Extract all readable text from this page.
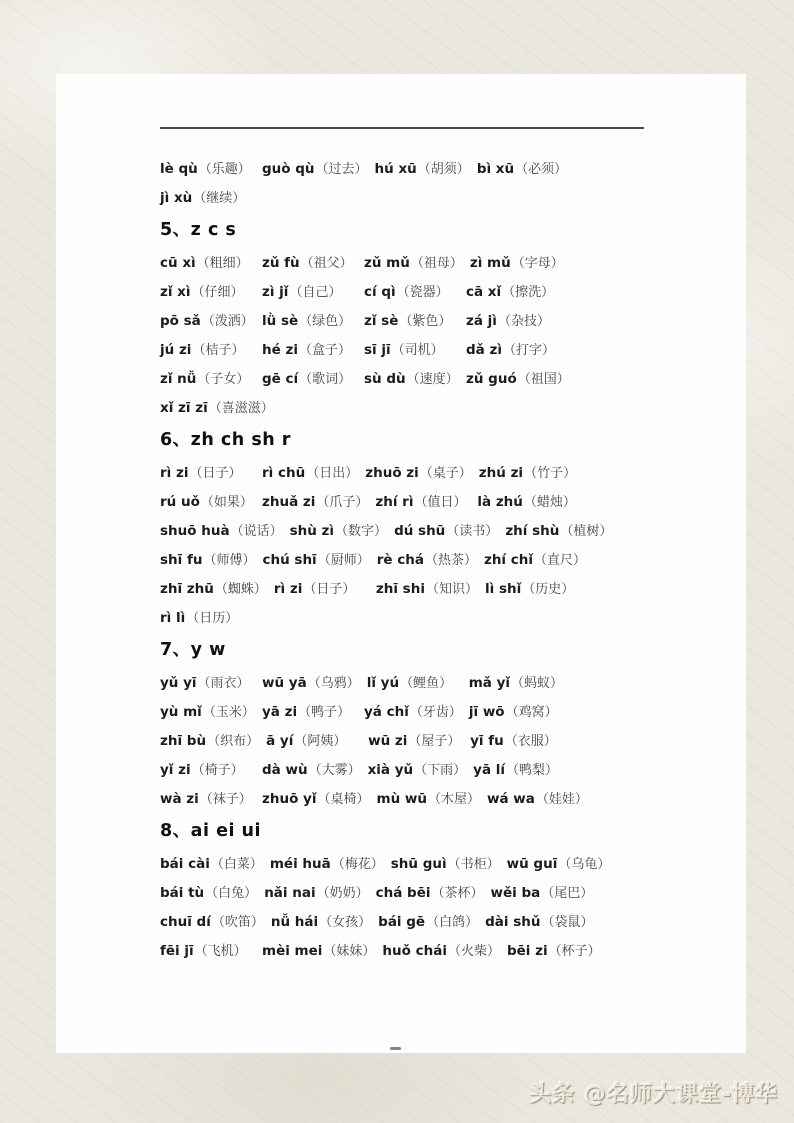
lè qù（乐趣） guò qù（过去） hú xū（胡须） bì xū（必须）
jì xù（继续）
5、z c s
cū xì（粗细） zǔ fù（祖父） zǔ mǔ（祖母） zì mǔ（字母）
zǐ xì（仔细） zì jǐ（自己） cí qì（瓷器） cā xǐ（擦洗）
pō sǎ（泼洒） lǜ sè（绿色） zǐ sè（紫色） zá jì（杂技）
jú zi（桔子） hé zi（盒子） sī jī（司机） dǎ zì（打字）
zǐ nǚ（子女） gē cí（歌词） sù dù（速度） zǔ guó（祖国）
xǐ zī zī（喜滋滋）
6、zh ch sh r
rì zi（日子） rì chū（日出） zhuō zi（桌子） zhú zi（竹子）
rú uǒ（如果） zhuǎ zi（爪子） zhí rì（值日） là zhú（蜡烛）
shuō huà（说话） shù zì（数字） dú shū（读书） zhí shù（植树）
shī fu（师傅） chú shī（厨师） rè chá（热茶） zhí chǐ（直尺）
zhī zhū（蜘蛛） rì zi（日子） zhī shi（知识） lì shǐ（历史）
rì lì（日历）
7、y w
yǔ yī（雨衣） wū yā（乌鸦） lǐ yú（鲤鱼） mǎ yǐ（蚂蚁）
yù mǐ（玉米） yā zi（鸭子） yá chǐ（牙齿） jī wō（鸡窝）
zhī bù（织布） ā yí（阿姨） wū zi（屋子） yī fu（衣服）
yǐ zi（椅子） dà wù（大雾） xià yǔ（下雨） yā lí（鸭梨）
wà zi（袜子） zhuō yǐ（桌椅） mù wū（木屋） wá wa（娃娃）
8、ai ei ui
bái cài（白菜） méi huā（梅花） shū guì（书柜） wū guī（乌龟）
bái tù（白兔） nǎi nai（奶奶） chá bēi（茶杯） wěi ba（尾巴）
chuī dí（吹笛） nǚ hái（女孩） bái gē（白鸽） dài shǔ（袋鼠）
fēi jī（飞机） mèi mei（妹妹） huǒ chái（火柴） bēi zi（杯子）
头条 @名师大课堂-博华
